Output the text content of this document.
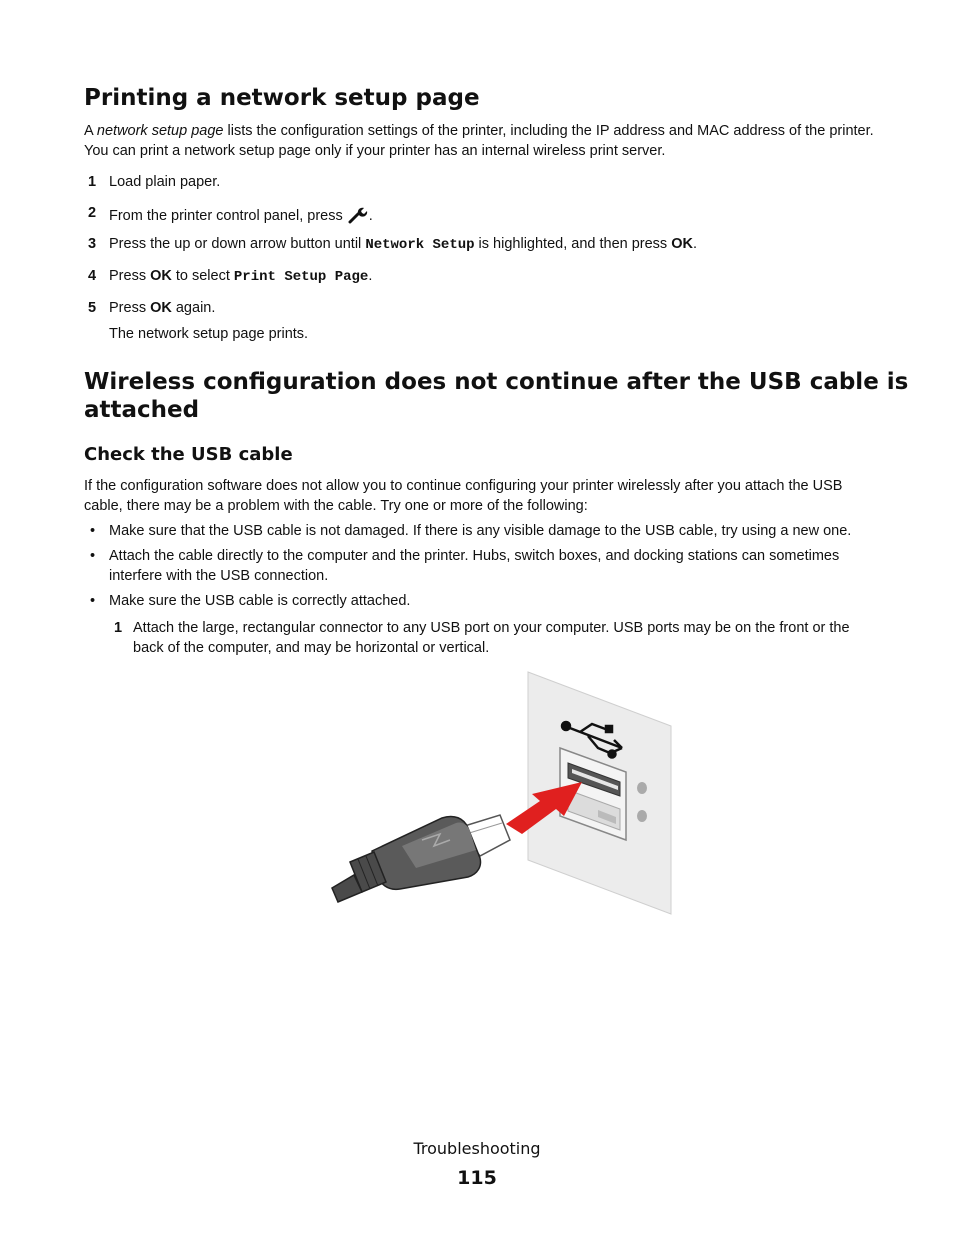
Printing a network setup page

A network setup page lists the configuration settings of the printer, including the IP address and MAC address of the printer. You can print a network setup page only if your printer has an internal wireless print server.

1 Load plain paper.
2 From the printer control panel, press .
3 Press the up or down arrow button until Network Setup is highlighted, and then press OK.
4 Press OK to select Print Setup Page.
5 Press OK again.
The network setup page prints.
Wireless configuration does not continue after the USB cable is
attached
Check the USB cable

If the configuration software does not allow you to continue configuring your printer wirelessly after you attach the USB cable, there may be a problem with the cable. Try one or more of the following:

• Make sure that the USB cable is not damaged. If there is any visible damage to the USB cable, try using a new one.
• Attach the cable directly to the computer and the printer. Hubs, switch boxes, and docking stations can sometimes interfere with the USB connection.
• Make sure the USB cable is correctly attached.
1 Attach the large, rectangular connector to any USB port on your computer. USB ports may be on the front or the back of the computer, and may be horizontal or vertical.
Troubleshooting
115
